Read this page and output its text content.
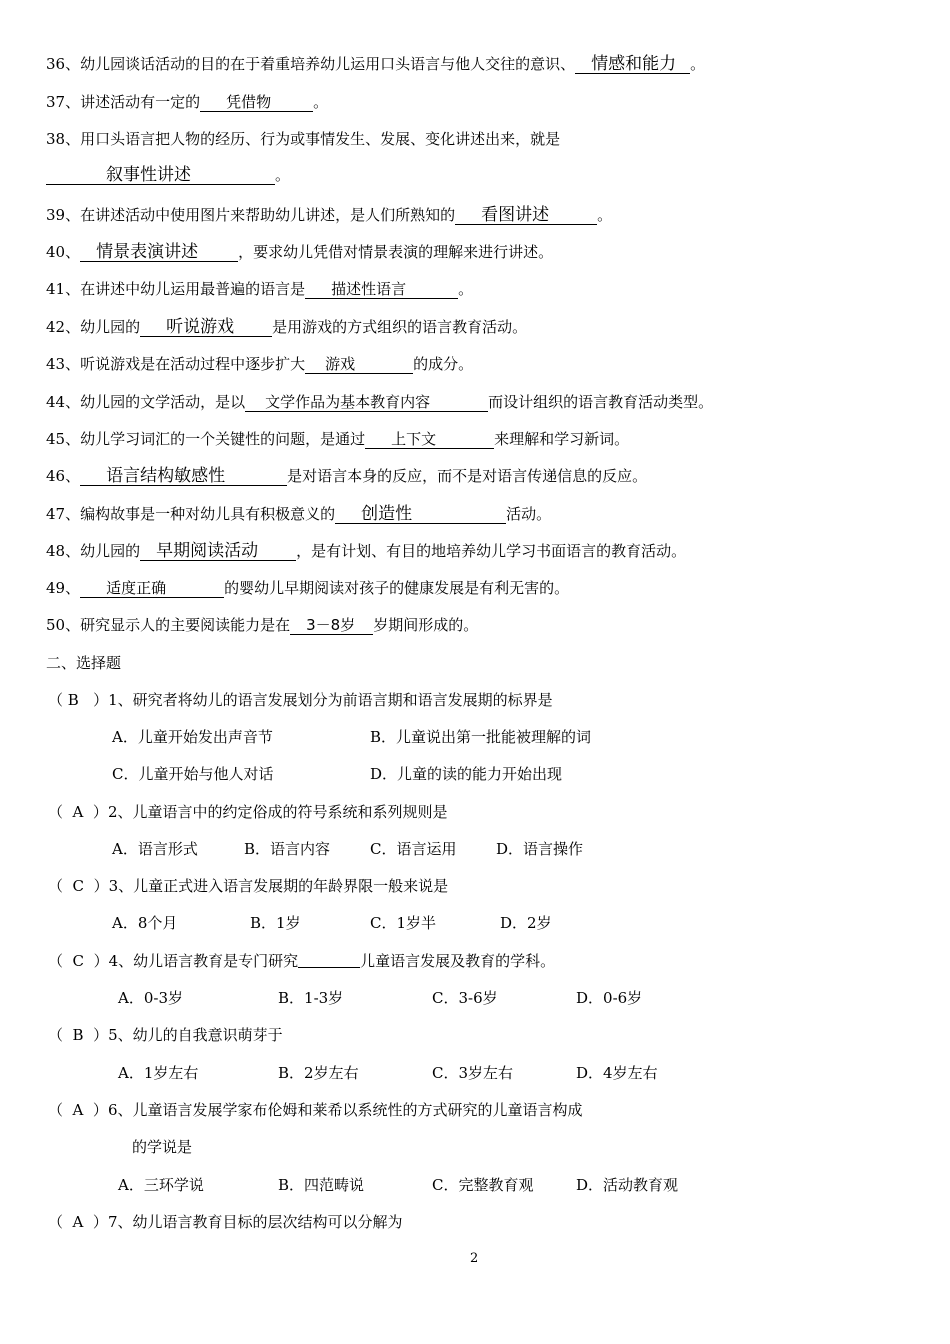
36、幼儿园谈话活动的目的在于着重培养幼儿运用口头语言与他人交往的意识、 情感和能力 。
37、讲述活动有一定的 凭借物	。
38、用口头语言把人物的经历、行为或事情发生、发展、变化讲述出来，就是
叙事性讲述	。
39、在讲述活动中使用图片来帮助幼儿讲述，是人们所熟知的 看图讲述	。
40、 情景表演讲述	，要求幼儿凭借对情景表演的理解来进行讲述。
41、在讲述中幼儿运用最普遍的语言是 描述性语言	。
42、幼儿园的 听说游戏	是用游戏的方式组织的语言教育活动。
43、听说游戏是在活动过程中逐步扩大 游戏	的成分。
44、幼儿园的文学活动，是以 文学作品为基本教育内容	而设计组织的语言教育活动类型。
45、幼儿学习词汇的一个关键性的问题，是通过 上下文	来理解和学习新词。
46、 语言结构敏感性	是对语言本身的反应，而不是对语言传递信息的反应。
47、编构故事是一种对幼儿具有积极意义的 创造性	活动。
48、幼儿园的 早期阅读活动	，是有计划、有目的地培养幼儿学习书面语言的教育活动。
49、 适度正确	的婴幼儿早期阅读对孩子的健康发展是有利无害的。
50、研究显示人的主要阅读能力是在 3－8岁 岁期间形成的。
二、选择题
（ B   ）1、研究者将幼儿的语言发展划分为前语言期和语言发展期的标界是
A．儿童开始发出声音节	B．儿童说出第一批能被理解的词
C．儿童开始与他人对话	D．儿童的读的能力开始出现
（  A  ）2、儿童语言中的约定俗成的符号系统和系列规则是
A．语言形式	B．语言内容	C．语言运用	D．语言操作
（  C  ）3、儿童正式进入语言发展期的年龄界限一般来说是
A．8个月	B．1岁	C．1岁半	D．2岁
（  C  ）4、幼儿语言教育是专门研究	儿童语言发展及教育的学科。
A．0-3岁	B．1-3岁	C．3-6岁	D．0-6岁
（  B  ）5、幼儿的自我意识萌芽于
A．1岁左右	B．2岁左右	C．3岁左右	D．4岁左右
（  A  ）6、儿童语言发展学家布伦姆和莱希以系统性的方式研究的儿童语言构成
的学说是
A．三环学说	B．四范畴说	C．完整教育观	D．活动教育观
（  A  ）7、幼儿语言教育目标的层次结构可以分解为
2
